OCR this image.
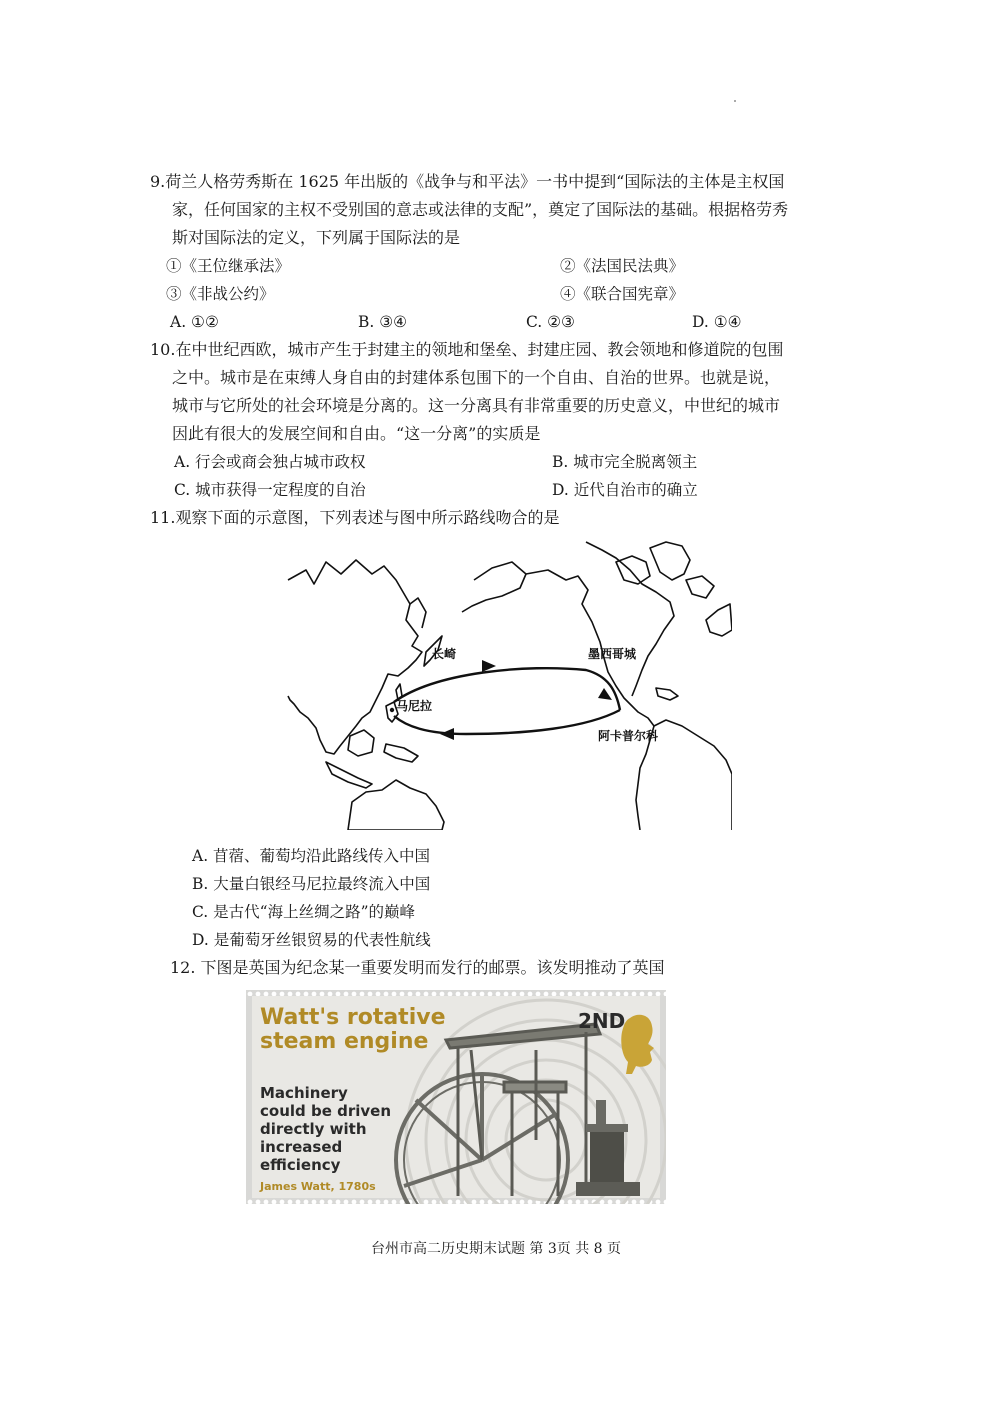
9.荷兰人格劳秀斯在 1625 年出版的《战争与和平法》一书中提到“国际法的主体是主权国
家，任何国家的主权不受别国的意志或法律的支配”，奠定了国际法的基础。根据格劳秀
斯对国际法的定义，下列属于国际法的是
①《王位继承法》	②《法国民法典》
③《非战公约》	④《联合国宪章》
A. ①②	B. ③④	C. ②③	D. ①④
10.在中世纪西欧，城市产生于封建主的领地和堡垒、封建庄园、教会领地和修道院的包围
之中。城市是在束缚人身自由的封建体系包围下的一个自由、自治的世界。也就是说，
城市与它所处的社会环境是分离的。这一分离具有非常重要的历史意义，中世纪的城市
因此有很大的发展空间和自由。“这一分离”的实质是
A. 行会或商会独占城市政权	B. 城市完全脱离领主
C. 城市获得一定程度的自治	D. 近代自治市的确立
11.观察下面的示意图，下列表述与图中所示路线吻合的是
长崎	墨西哥城
马尼拉
阿卡普尔科
A. 苜蓿、葡萄均沿此路线传入中国
B. 大量白银经马尼拉最终流入中国
C. 是古代“海上丝绸之路”的巅峰
D. 是葡萄牙丝银贸易的代表性航线
12. 下图是英国为纪念某一重要发明而发行的邮票。该发明推动了英国
Watt's rotative
steam engine
2ND
Machinery
could be driven
directly with
increased
efficiency
James Watt, 1780s
台州市高二历史期末试题 第 3页 共 8 页
